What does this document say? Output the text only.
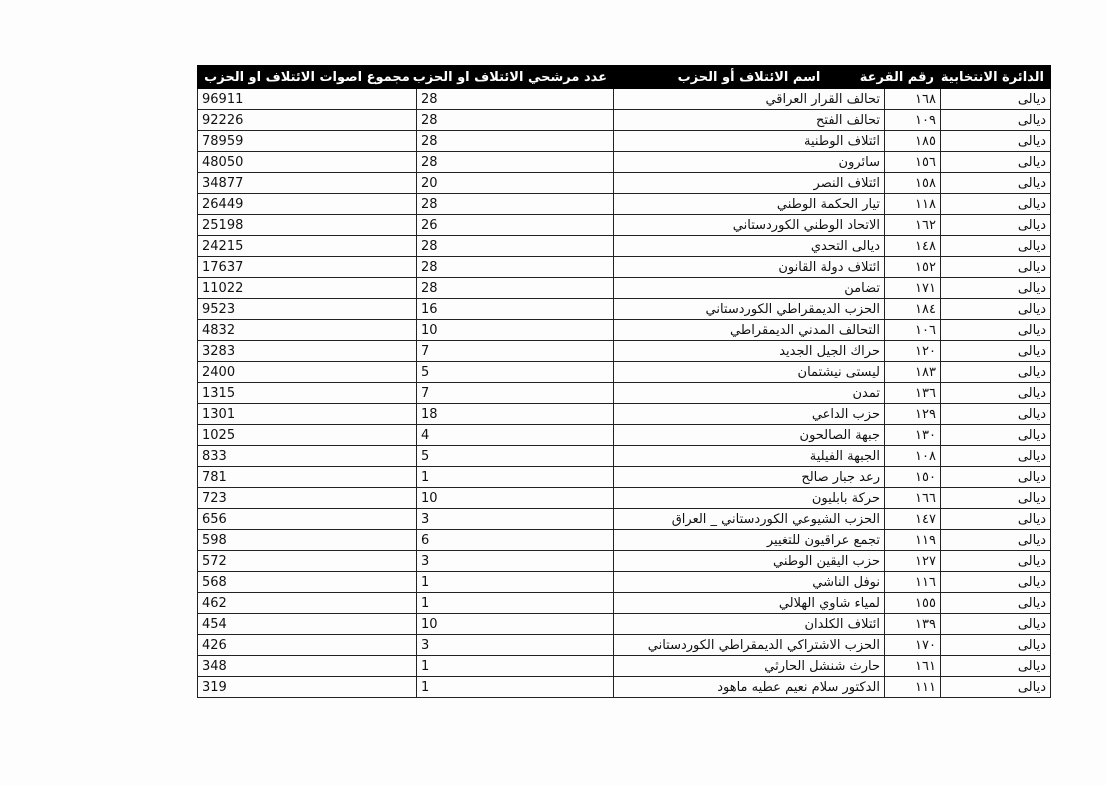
الدائرة الانتخابية	رقم القرعة	اسم الائتلاف أو الحزب	عدد مرشحي الائتلاف او الحزب	مجموع اصوات الائتلاف او الحزب
ديالى	١٦٨	تحالف القرار العراقي	28	96911
ديالى	١٠٩	تحالف الفتح	28	92226
ديالى	١٨٥	ائتلاف الوطنية	28	78959
ديالى	١٥٦	سائرون	28	48050
ديالى	١٥٨	ائتلاف النصر	20	34877
ديالى	١١٨	تيار الحكمة الوطني	28	26449
ديالى	١٦٢	الاتحاد الوطني الكوردستاني	26	25198
ديالى	١٤٨	ديالى التحدي	28	24215
ديالى	١٥٢	ائتلاف دولة القانون	28	17637
ديالى	١٧١	تضامن	28	11022
ديالى	١٨٤	الحزب الديمقراطي الكوردستاني	16	9523
ديالى	١٠٦	التحالف المدني الديمقراطي	10	4832
ديالى	١٢٠	حراك الجيل الجديد	7	3283
ديالى	١٨٣	ليستى نيشتمان	5	2400
ديالى	١٣٦	تمدن	7	1315
ديالى	١٢٩	حزب الداعي	18	1301
ديالى	١٣٠	جبهة الصالحون	4	1025
ديالى	١٠٨	الجبهة الفيلية	5	833
ديالى	١٥٠	رعد جبار صالح	1	781
ديالى	١٦٦	حركة بابليون	10	723
ديالى	١٤٧	الحزب الشيوعي الكوردستاني _ العراق	3	656
ديالى	١١٩	تجمع عراقيون للتغيير	6	598
ديالى	١٢٧	حزب اليقين الوطني	3	572
ديالى	١١٦	نوفل الناشي	1	568
ديالى	١٥٥	لمياء شاوي الهلالي	1	462
ديالى	١٣٩	ائتلاف الكلدان	10	454
ديالى	١٧٠	الحزب الاشتراكي الديمقراطي الكوردستاني	3	426
ديالى	١٦١	حارث شنشل الحارثي	1	348
ديالى	١١١	الدكتور سلام نعيم عطيه ماهود	1	319
